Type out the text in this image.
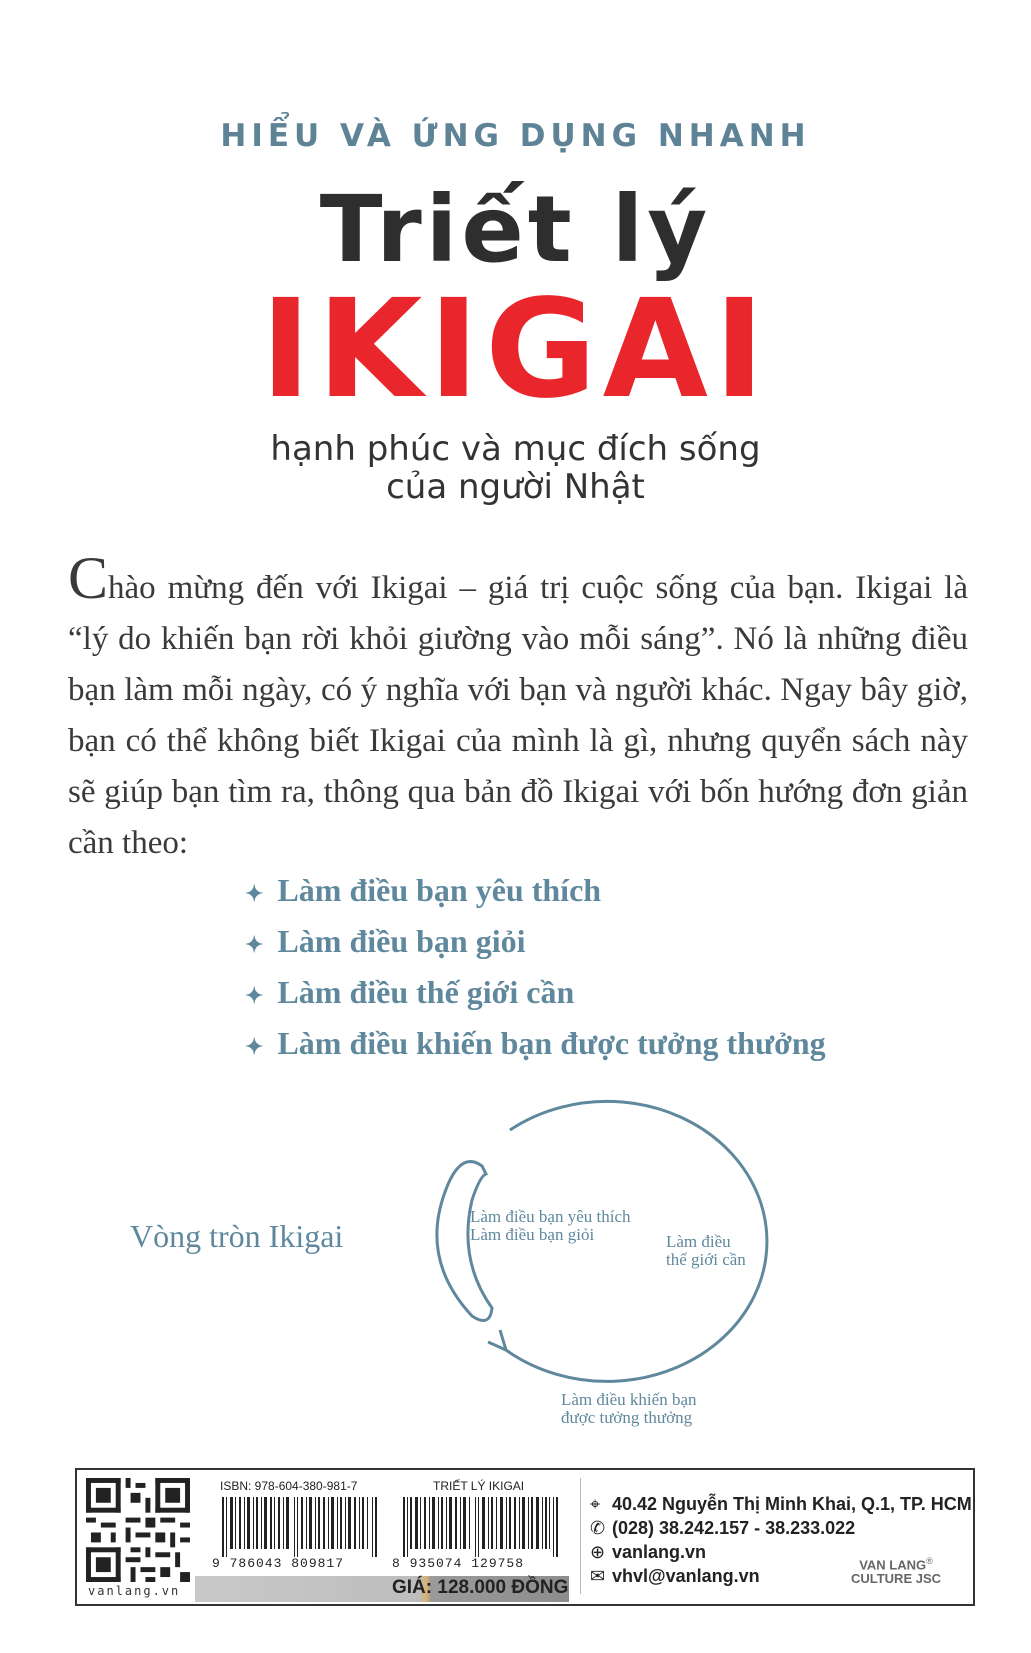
HIỂU VÀ ỨNG DỤNG NHANH
Triết lý
IKIGAI
hạnh phúc và mục đích sống
của người Nhật
Chào mừng đến với Ikigai – giá trị cuộc sống của bạn. Ikigai là “lý do khiến bạn rời khỏi giường vào mỗi sáng”. Nó là những điều bạn làm mỗi ngày, có ý nghĩa với bạn và người khác. Ngay bây giờ, bạn có thể không biết Ikigai của mình là gì, nhưng quyển sách này sẽ giúp bạn tìm ra, thông qua bản đồ Ikigai với bốn hướng đơn giản cần theo:
✦ Làm điều bạn yêu thích
✦ Làm điều bạn giỏi
✦ Làm điều thế giới cần
✦ Làm điều khiến bạn được tưởng thưởng
Vòng tròn Ikigai
Làm điều bạn yêu thích
Làm điều bạn giỏi	Làm điều
thế giới cần
Làm điều khiến bạn
được tưởng thưởng
vanlang.vn
ISBN: 978-604-380-981-7
9 786043 809817
TRIẾT LÝ IKIGAI
8 935074 129758
GIÁ: 128.000 ĐỒNG
⌖ 40.42 Nguyễn Thị Minh Khai, Q.1, TP. HCM
✆ (028) 38.242.157 - 38.233.022
⊕ vanlang.vn
✉ vhvl@vanlang.vn
VAN LANG®
CULTURE JSC
